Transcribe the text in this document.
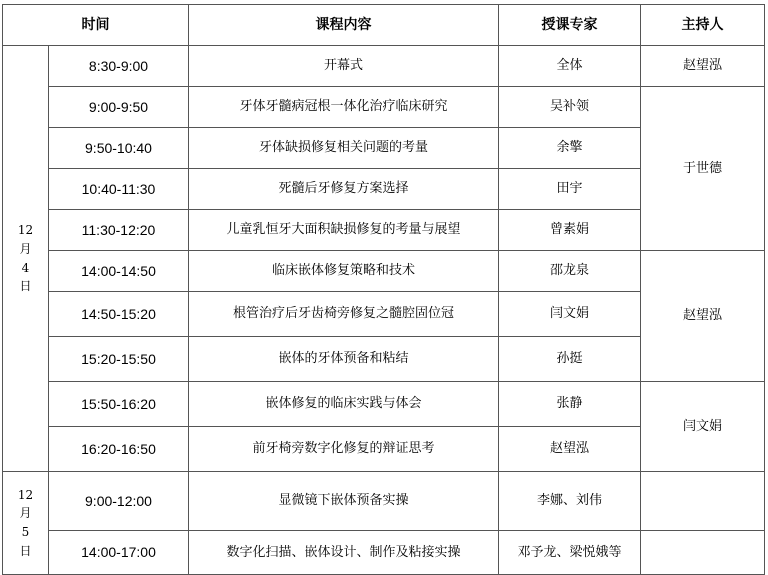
时间		课程内容	授课专家	主持人

12
月
4
日	8:30-9:00	开幕式	全体	赵望泓
	9:00-9:50	牙体牙髓病冠根一体化治疗临床研究	吴补领	于世德
	9:50-10:40	牙体缺损修复相关问题的考量	余擎	
	10:40-11:30	死髓后牙修复方案选择	田宇	
	11:30-12:20	儿童乳恒牙大面积缺损修复的考量与展望	曾素娟	
	14:00-14:50	临床嵌体修复策略和技术	邵龙泉	赵望泓
	14:50-15:20	根管治疗后牙齿椅旁修复之髓腔固位冠	闫文娟	
	15:20-15:50	嵌体的牙体预备和粘结	孙挺	
	15:50-16:20	嵌体修复的临床实践与体会	张静	闫文娟
	16:20-16:50	前牙椅旁数字化修复的辩证思考	赵望泓	

12
月
5
日	9:00-12:00	显微镜下嵌体预备实操	李娜、刘伟	
	14:00-17:00	数字化扫描、嵌体设计、制作及粘接实操	邓予龙、梁悦娥等	
